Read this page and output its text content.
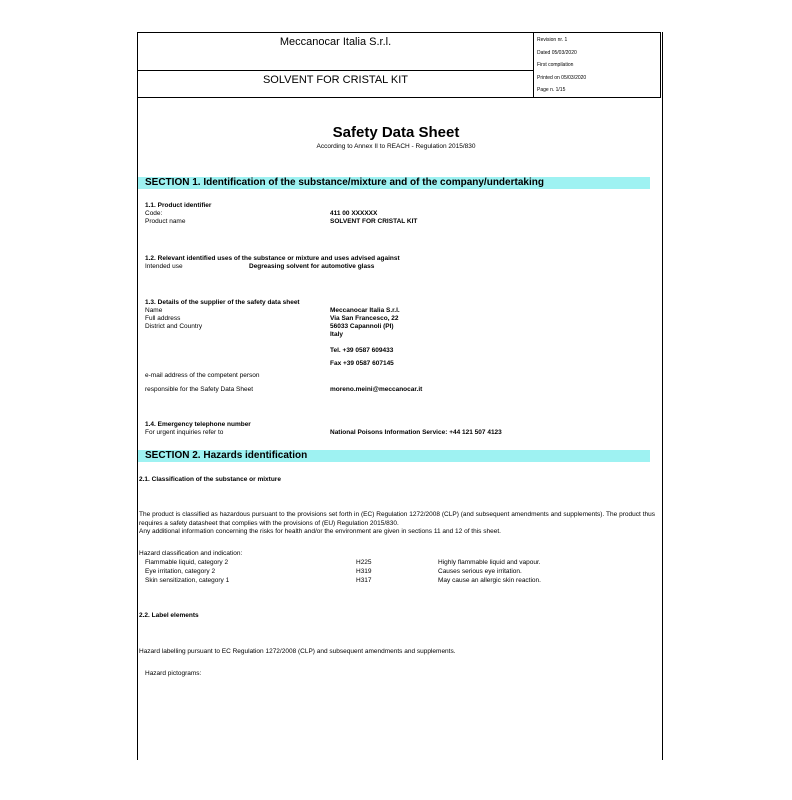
Meccanocar Italia S.r.l.
SOLVENT FOR CRISTAL KIT
Revision nr. 1
Dated 05/03/2020
First compilation
Printed on 05/03/2020
Page n. 1/15
Safety Data Sheet
According to Annex II to REACH - Regulation 2015/830
SECTION 1. Identification of the substance/mixture and of the company/undertaking
1.1. Product identifier
Code:	411 00 XXXXXX
Product name	SOLVENT FOR CRISTAL KIT
1.2. Relevant identified uses of the substance or mixture and uses advised against
Intended use	Degreasing solvent for automotive glass
1.3. Details of the supplier of the safety data sheet
Name	Meccanocar Italia S.r.l.
Full address	Via San Francesco, 22
District and Country	56033 Capannoli (PI)
Italy
Tel. +39 0587 609433
Fax +39 0587 607145
e-mail address of the competent person
responsible for the Safety Data Sheet	moreno.meini@meccanocar.it
1.4. Emergency telephone number
For urgent inquiries refer to	National Poisons Information Service: +44 121 507 4123
SECTION 2. Hazards identification
2.1. Classification of the substance or mixture
The product is classified as hazardous pursuant to the provisions set forth in (EC) Regulation 1272/2008 (CLP) (and subsequent amendments and supplements). The product thus requires a safety datasheet that complies with the provisions of (EU) Regulation 2015/830.
Any additional information concerning the risks for health and/or the environment are given in sections 11 and 12 of this sheet.
Hazard classification and indication:
Flammable liquid, category 2	H225	Highly flammable liquid and vapour.
Eye irritation, category 2	H319	Causes serious eye irritation.
Skin sensitization, category 1	H317	May cause an allergic skin reaction.
2.2. Label elements
Hazard labelling pursuant to EC Regulation 1272/2008 (CLP) and subsequent amendments and supplements.
Hazard pictograms:
